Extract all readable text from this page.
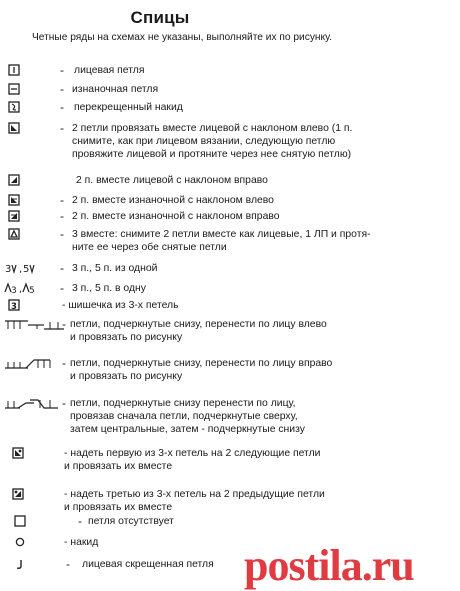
Спицы
Четные ряды на схемах не указаны, выполняйте их по рисунку.
- лицевая петля
- изнаночная петля
- перекрещенный накид
- 2 петли провязать вместе лицевой с наклоном влево (1 п.
снимите, как при лицевом вязании, следующую петлю
провяжите лицевой и протяните через нее снятую петлю)
2 п. вместе лицевой с наклоном вправо
- 2 п. вместе изнаночной с наклоном влево
- 2 п. вместе изнаночной с наклоном вправо
- 3 вместе: снимите 2 петли вместе как лицевые, 1 ЛП и протя-
ните ее через обе снятые петли
3 , 5	- 3 п., 5 п. из одной
3 , 5 - 3 п., 5 п. в одну
3	- шишечка из 3-х петель
- петли, подчеркнутые снизу, перенести по лицу влево
и провязать по рисунку
- петли, подчеркнутые снизу, перенести по лицу вправо
и провязать по рисунку
- петли, подчеркнутые снизу перенести по лицу,
провязав сначала петли, подчеркнутые сверху,
затем центральные, затем - подчеркнутые снизу
- надеть первую из 3-х петель на 2 следующие петли
и провязать их вместе
- надеть третью из 3-х петель на 2 предыдущие петли
и провязать их вместе
- петля отсутствует
- накид
- лицевая скрещенная петля postila.ru
